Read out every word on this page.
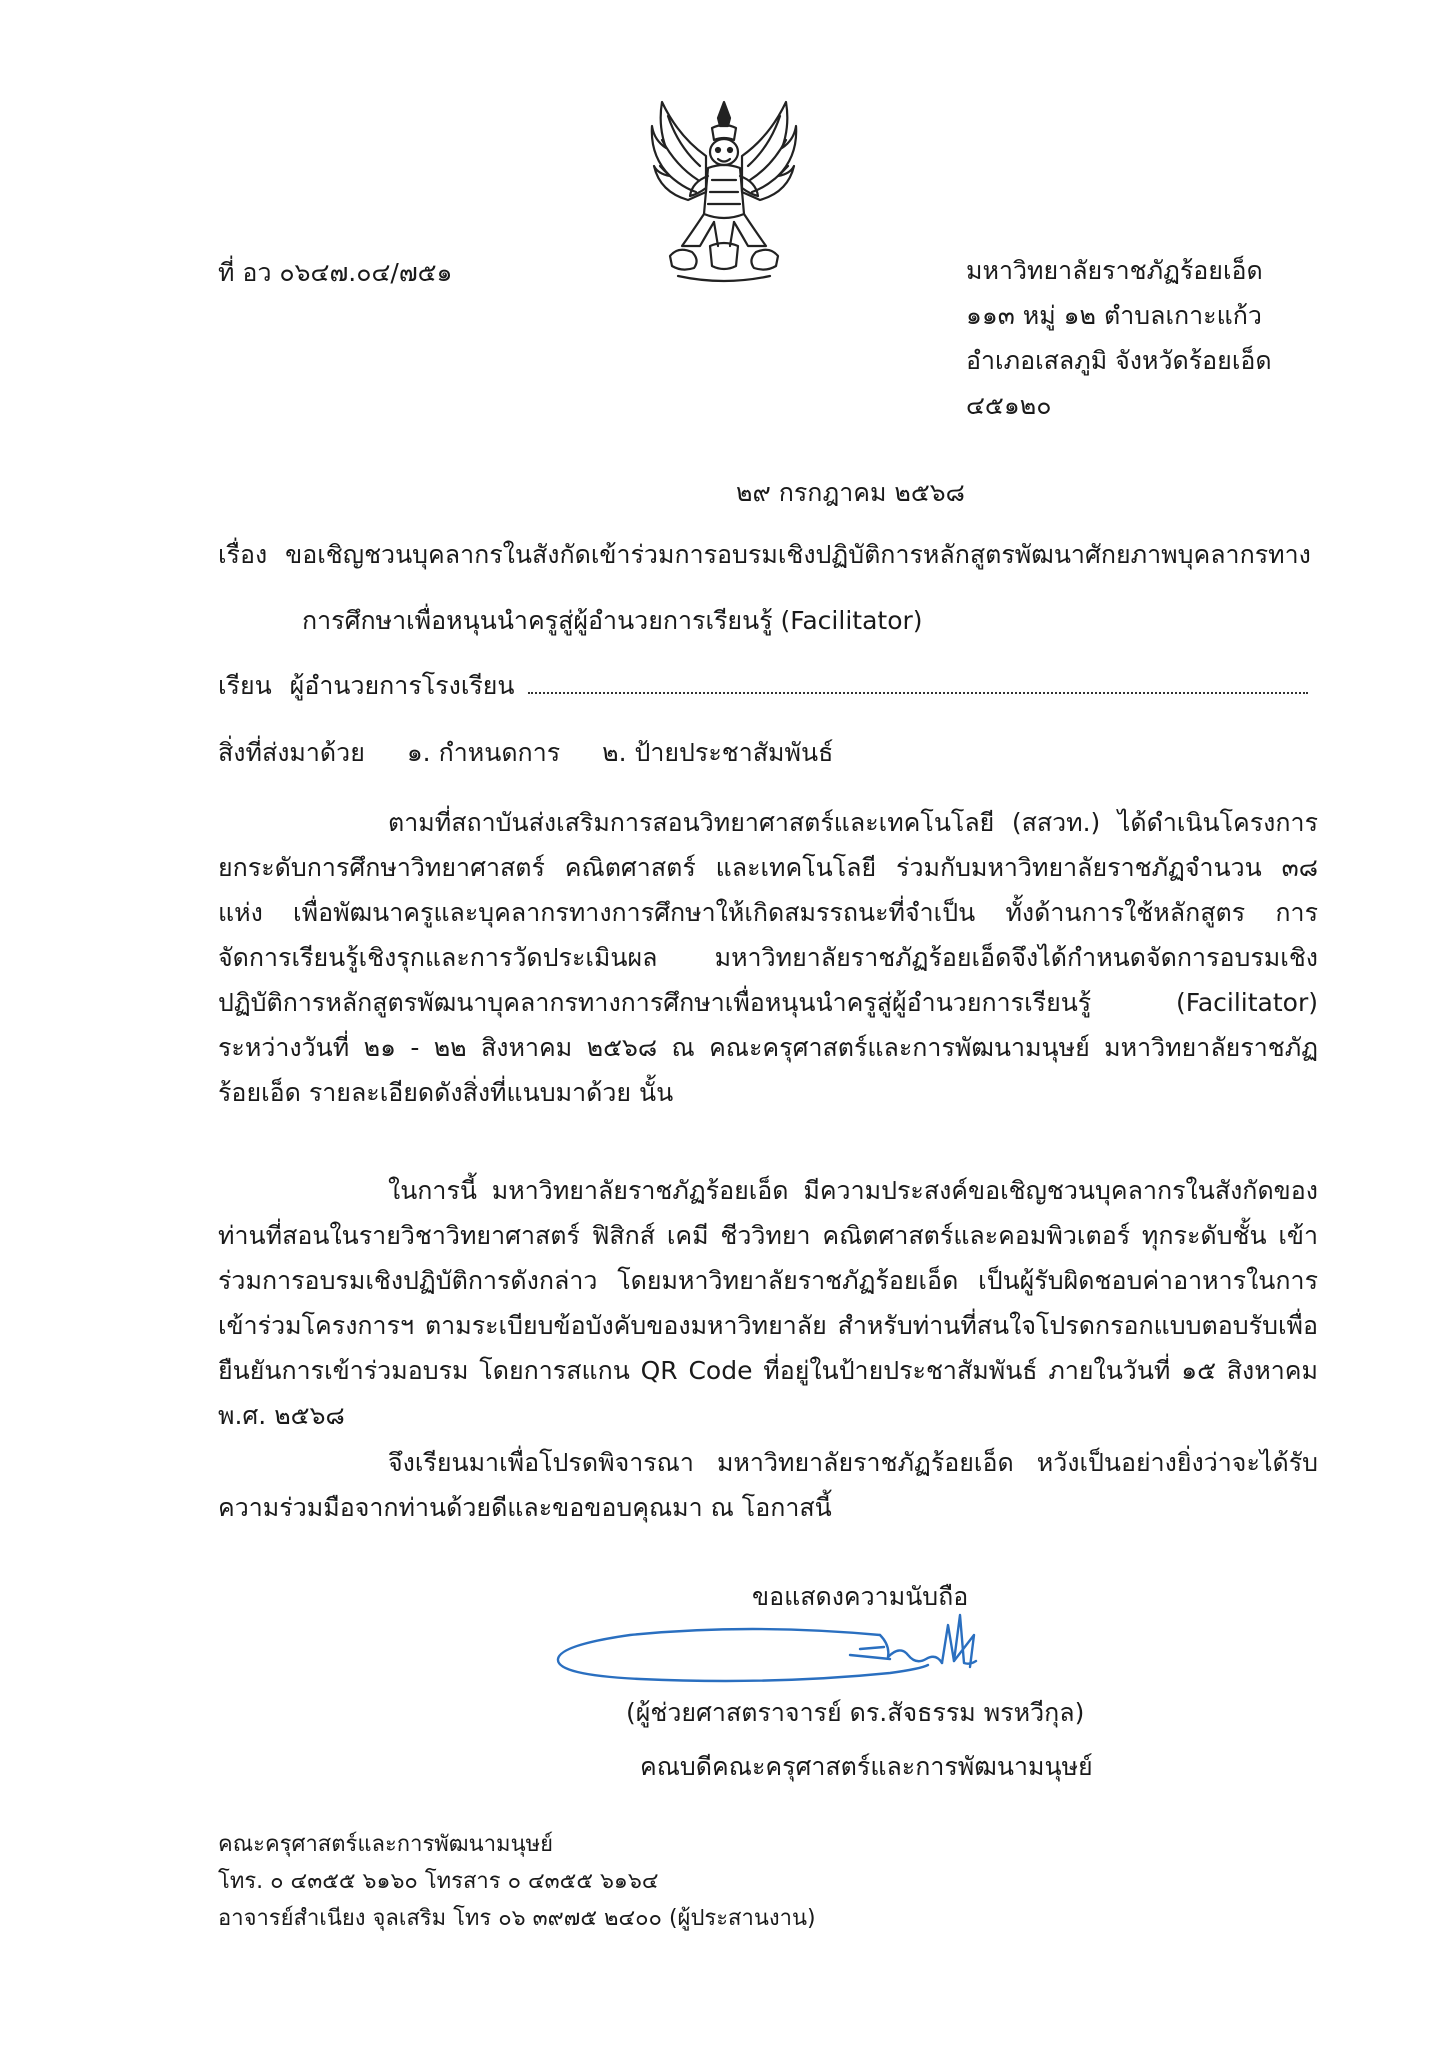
ที่ อว ๐๖๔๗.๐๔/๗๕๑	มหาวิทยาลัยราชภัฏร้อยเอ็ด
๑๑๓ หมู่ ๑๒ ตำบลเกาะแก้ว
อำเภอเสลภูมิ จังหวัดร้อยเอ็ด
๔๕๑๒๐
๒๙ กรกฎาคม ๒๕๖๘
เรื่อง ขอเชิญชวนบุคลากรในสังกัดเข้าร่วมการอบรมเชิงปฏิบัติการหลักสูตรพัฒนาศักยภาพบุคลากรทาง
การศึกษาเพื่อหนุนนำครูสู่ผู้อำนวยการเรียนรู้ (Facilitator)
เรียน ผู้อำนวยการโรงเรียน
สิ่งที่ส่งมาด้วย ๑. กำหนดการ ๒. ป้ายประชาสัมพันธ์
ตามที่สถาบันส่งเสริมการสอนวิทยาศาสตร์และเทคโนโลยี (สสวท.) ได้ดำเนินโครงการยกระดับการศึกษาวิทยาศาสตร์ คณิตศาสตร์ และเทคโนโลยี ร่วมกับมหาวิทยาลัยราชภัฏจำนวน ๓๘ แห่ง เพื่อพัฒนาครูและบุคลากรทางการศึกษาให้เกิดสมรรถนะที่จำเป็น ทั้งด้านการใช้หลักสูตร การจัดการเรียนรู้เชิงรุกและการวัดประเมินผล มหาวิทยาลัยราชภัฏร้อยเอ็ดจึงได้กำหนดจัดการอบรมเชิงปฏิบัติการหลักสูตรพัฒนาบุคลากรทางการศึกษาเพื่อหนุนนำครูสู่ผู้อำนวยการเรียนรู้ (Facilitator) ระหว่างวันที่ ๒๑ - ๒๒ สิงหาคม ๒๕๖๘ ณ คณะครุศาสตร์และการพัฒนามนุษย์ มหาวิทยาลัยราชภัฏร้อยเอ็ด รายละเอียดดังสิ่งที่แนบมาด้วย นั้น
ในการนี้ มหาวิทยาลัยราชภัฏร้อยเอ็ด มีความประสงค์ขอเชิญชวนบุคลากรในสังกัดของท่านที่สอนในรายวิชาวิทยาศาสตร์ ฟิสิกส์ เคมี ชีววิทยา คณิตศาสตร์และคอมพิวเตอร์ ทุกระดับชั้น เข้าร่วมการอบรมเชิงปฏิบัติการดังกล่าว โดยมหาวิทยาลัยราชภัฏร้อยเอ็ด เป็นผู้รับผิดชอบค่าอาหารในการเข้าร่วมโครงการฯ ตามระเบียบข้อบังคับของมหาวิทยาลัย สำหรับท่านที่สนใจโปรดกรอกแบบตอบรับเพื่อยืนยันการเข้าร่วมอบรม โดยการสแกน QR Code ที่อยู่ในป้ายประชาสัมพันธ์ ภายในวันที่ ๑๕ สิงหาคม พ.ศ. ๒๕๖๘
จึงเรียนมาเพื่อโปรดพิจารณา มหาวิทยาลัยราชภัฏร้อยเอ็ด หวังเป็นอย่างยิ่งว่าจะได้รับความร่วมมือจากท่านด้วยดีและขอขอบคุณมา ณ โอกาสนี้
ขอแสดงความนับถือ
(ผู้ช่วยศาสตราจารย์ ดร.สัจธรรม พรหวีกุล)
คณบดีคณะครุศาสตร์และการพัฒนามนุษย์
คณะครุศาสตร์และการพัฒนามนุษย์
โทร. ๐ ๔๓๕๕ ๖๑๖๐ โทรสาร ๐ ๔๓๕๕ ๖๑๖๔
อาจารย์สำเนียง จุลเสริม โทร ๐๖ ๓๙๗๕ ๒๔๐๐ (ผู้ประสานงาน)
